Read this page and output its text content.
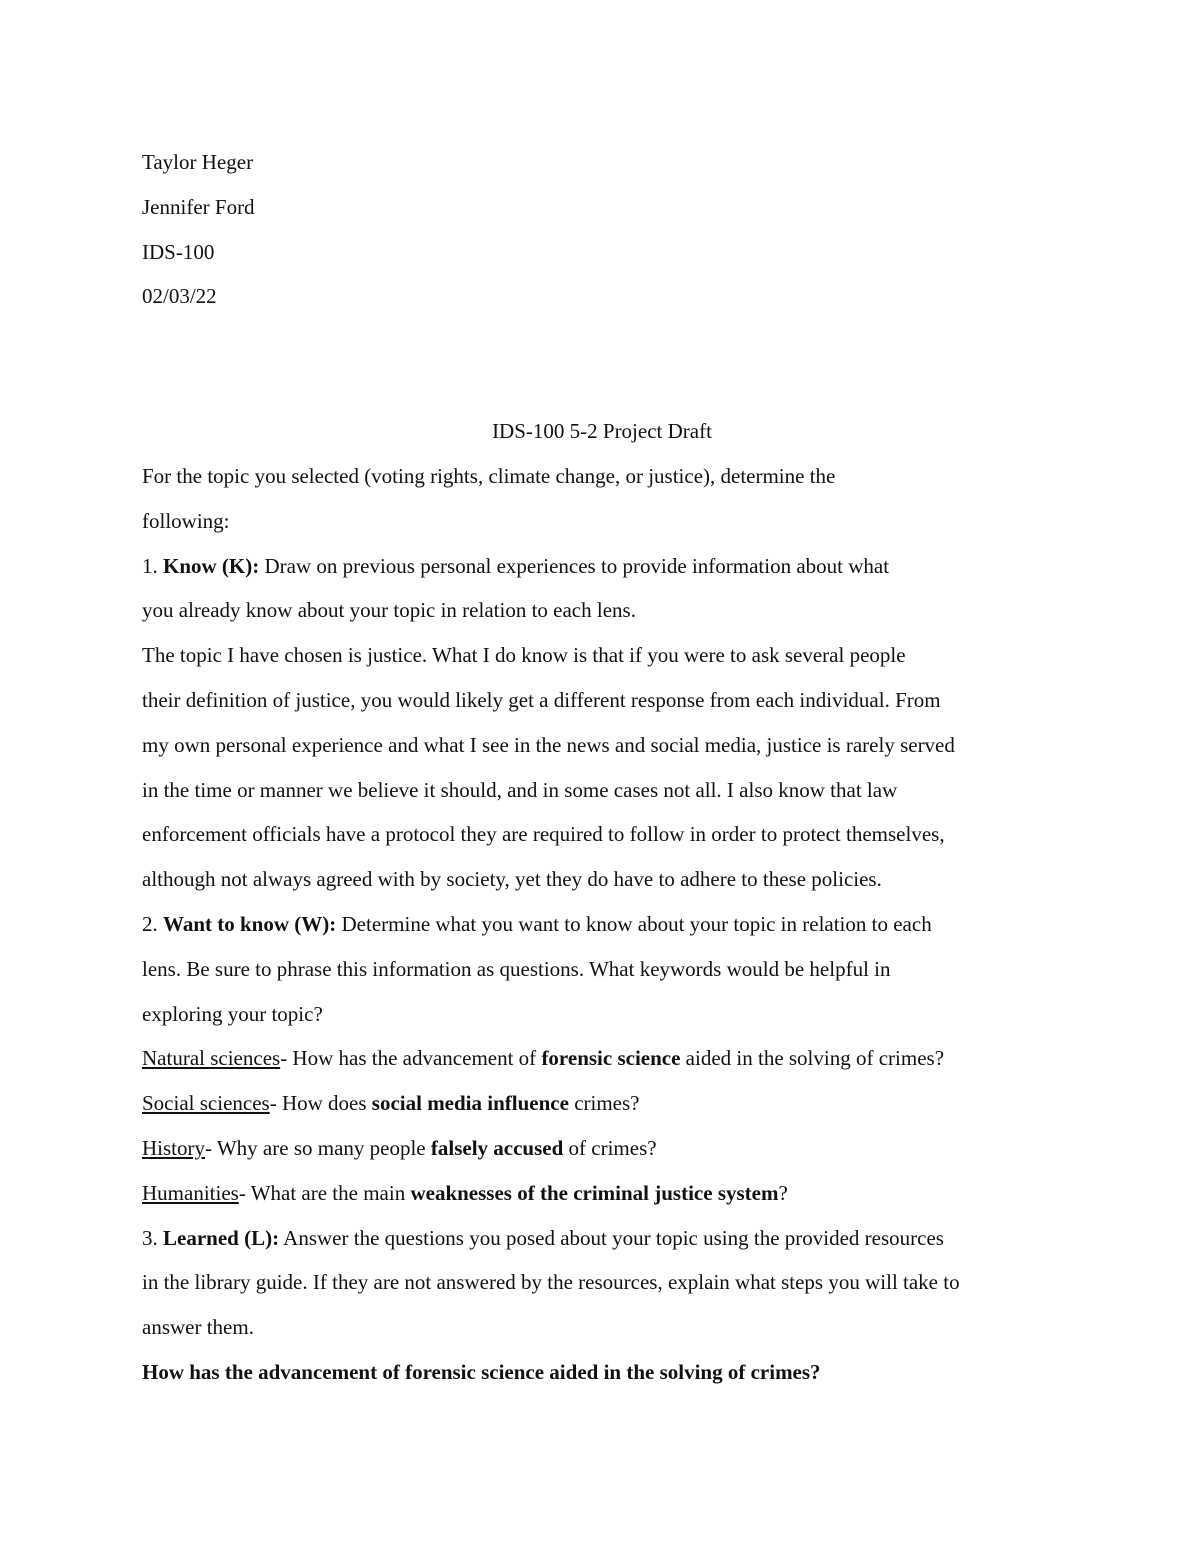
Taylor Heger
Jennifer Ford
IDS-100
02/03/22
IDS-100 5-2 Project Draft
For the topic you selected (voting rights, climate change, or justice), determine the
following:
1. Know (K): Draw on previous personal experiences to provide information about what
you already know about your topic in relation to each lens.
The topic I have chosen is justice. What I do know is that if you were to ask several people
their definition of justice, you would likely get a different response from each individual. From
my own personal experience and what I see in the news and social media, justice is rarely served
in the time or manner we believe it should, and in some cases not all. I also know that law
enforcement officials have a protocol they are required to follow in order to protect themselves,
although not always agreed with by society, yet they do have to adhere to these policies.
2. Want to know (W): Determine what you want to know about your topic in relation to each
lens. Be sure to phrase this information as questions. What keywords would be helpful in
exploring your topic?
Natural sciences- How has the advancement of forensic science aided in the solving of crimes?
Social sciences- How does social media influence crimes?
History- Why are so many people falsely accused of crimes?
Humanities- What are the main weaknesses of the criminal justice system?
3. Learned (L): Answer the questions you posed about your topic using the provided resources
in the library guide. If they are not answered by the resources, explain what steps you will take to
answer them.
How has the advancement of forensic science aided in the solving of crimes?
